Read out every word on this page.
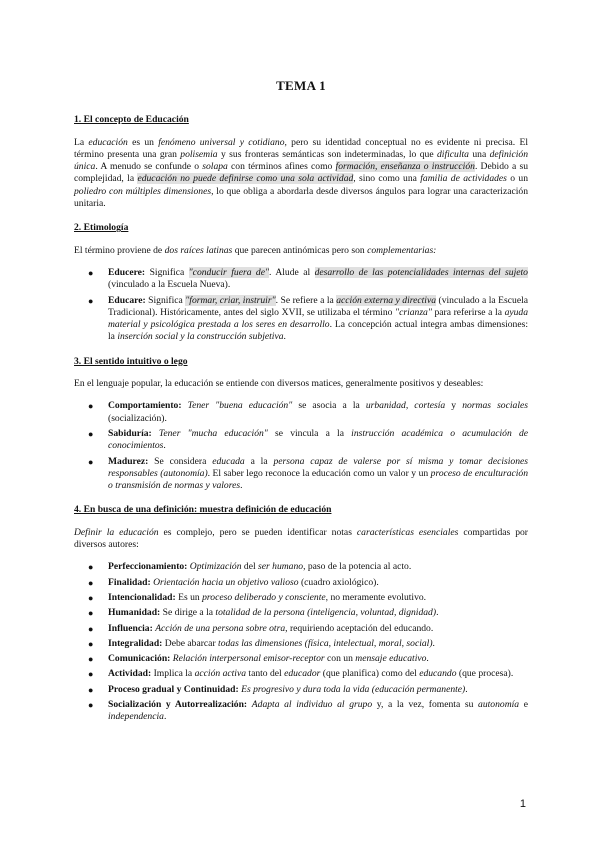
TEMA 1
1. El concepto de Educación

La educación es un fenómeno universal y cotidiano, pero su identidad conceptual no es evidente ni precisa. El término presenta una gran polisemia y sus fronteras semánticas son indeterminadas, lo que dificulta una definición única. A menudo se confunde o solapa con términos afines como formación, enseñanza o instrucción. Debido a su complejidad, la educación no puede definirse como una sola actividad, sino como una familia de actividades o un poliedro con múltiples dimensiones, lo que obliga a abordarla desde diversos ángulos para lograr una caracterización unitaria.

2. Etimología

El término proviene de dos raíces latinas que parecen antinómicas pero son complementarias:

● Educere: Significa "conducir fuera de". Alude al desarrollo de las potencialidades internas del sujeto (vinculado a la Escuela Nueva).
● Educare: Significa "formar, criar, instruir". Se refiere a la acción externa y directiva (vinculado a la Escuela Tradicional). Históricamente, antes del siglo XVII, se utilizaba el término "crianza" para referirse a la ayuda material y psicológica prestada a los seres en desarrollo. La concepción actual integra ambas dimensiones: la inserción social y la construcción subjetiva.
3. El sentido intuitivo o lego

En el lenguaje popular, la educación se entiende con diversos matices, generalmente positivos y deseables:

● Comportamiento: Tener "buena educación" se asocia a la urbanidad, cortesía y normas sociales (socialización).
● Sabiduría: Tener "mucha educación" se vincula a la instrucción académica o acumulación de conocimientos.
● Madurez: Se considera educada a la persona capaz de valerse por sí misma y tomar decisiones responsables (autonomía). El saber lego reconoce la educación como un valor y un proceso de enculturación o transmisión de normas y valores.
4. En busca de una definición: muestra definición de educación

Definir la educación es complejo, pero se pueden identificar notas características esenciales compartidas por diversos autores:

● Perfeccionamiento: Optimización del ser humano, paso de la potencia al acto.
● Finalidad: Orientación hacia un objetivo valioso (cuadro axiológico).
● Intencionalidad: Es un proceso deliberado y consciente, no meramente evolutivo.
● Humanidad: Se dirige a la totalidad de la persona (inteligencia, voluntad, dignidad).
● Influencia: Acción de una persona sobre otra, requiriendo aceptación del educando.
● Integralidad: Debe abarcar todas las dimensiones (física, intelectual, moral, social).
● Comunicación: Relación interpersonal emisor-receptor con un mensaje educativo.
● Actividad: Implica la acción activa tanto del educador (que planifica) como del educando (que procesa).
● Proceso gradual y Continuidad: Es progresivo y dura toda la vida (educación permanente).
● Socialización y Autorrealización: Adapta al individuo al grupo y, a la vez, fomenta su autonomía e independencia.
1
